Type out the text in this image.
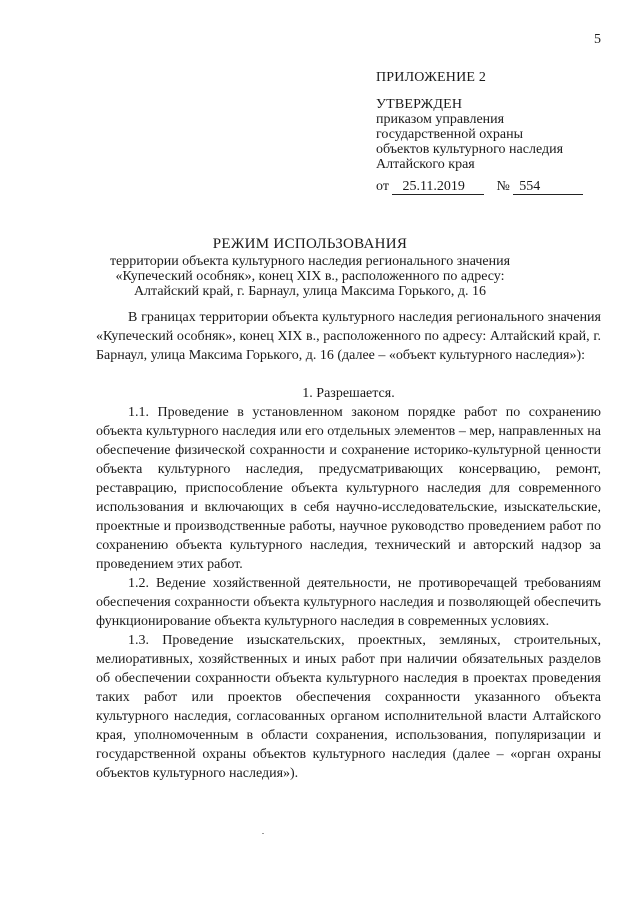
5
ПРИЛОЖЕНИЕ 2
УТВЕРЖДЕН
приказом управления
государственной охраны
объектов культурного наследия
Алтайского края
от 25.11.2019 № 554
РЕЖИМ ИСПОЛЬЗОВАНИЯ
территории объекта культурного наследия регионального значения
«Купеческий особняк», конец XIX в., расположенного по адресу:
Алтайский край, г. Барнаул, улица Максима Горького, д. 16

В границах территории объекта культурного наследия регионального значения «Купеческий особняк», конец XIX в., расположенного по адресу: Алтайский край, г. Барнаул, улица Максима Горького, д. 16 (далее – «объект культурного наследия»):

1. Разрешается.

1.1. Проведение в установленном законом порядке работ по сохранению объекта культурного наследия или его отдельных элементов – мер, направленных на обеспечение физической сохранности и сохранение историко-культурной ценности объекта культурного наследия, предусматривающих консервацию, ремонт, реставрацию, приспособление объекта культурного наследия для современного использования и включающих в себя научно-исследовательские, изыскательские, проектные и производственные работы, научное руководство проведением работ по сохранению объекта культурного наследия, технический и авторский надзор за проведением этих работ.

1.2. Ведение хозяйственной деятельности, не противоречащей требованиям обеспечения сохранности объекта культурного наследия и позволяющей обеспечить функционирование объекта культурного наследия в современных условиях.

1.3. Проведение изыскательских, проектных, земляных, строительных, мелиоративных, хозяйственных и иных работ при наличии обязательных разделов об обеспечении сохранности объекта культурного наследия в проектах проведения таких работ или проектов обеспечения сохранности указанного объекта культурного наследия, согласованных органом исполнительной власти Алтайского края, уполномоченным в области сохранения, использования, популяризации и государственной охраны объектов культурного наследия (далее – «орган охраны объектов культурного наследия»).
